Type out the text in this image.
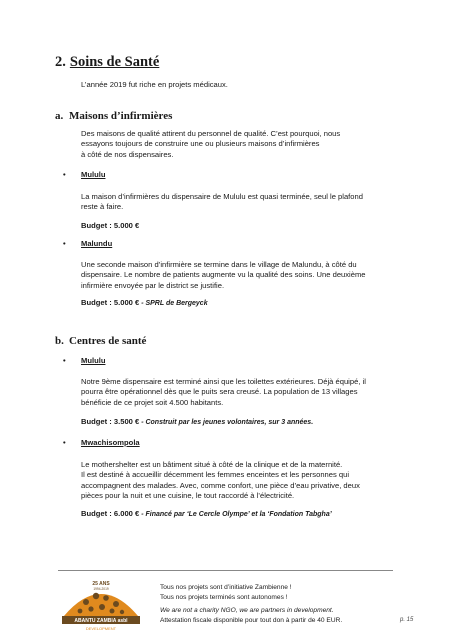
2. Soins de Santé
L’année 2019 fut riche en projets médicaux.
a. Maisons d’infirmières
Des maisons de qualité attirent du personnel de qualité. C’est pourquoi, nous
essayons toujours de construire une ou plusieurs maisons d’infirmières
à côté de nos dispensaires.
• Mululu
La maison d’infirmières du dispensaire de Mululu est quasi terminée, seul le plafond
reste à faire.
Budget : 5.000 €
• Malundu
Une seconde maison d’infirmière se termine dans le village de Malundu, à côté du
dispensaire. Le nombre de patients augmente vu la qualité des soins. Une deuxième
infirmière envoyée par le district se justifie.
Budget : 5.000 € - SPRL de Bergeyck
b. Centres de santé
• Mululu
Notre 9ème dispensaire est terminé ainsi que les toilettes extérieures. Déjà équipé, il
pourra être opérationnel dès que le puits sera creusé. La population de 13 villages
bénéficie de ce projet soit 4.500 habitants.
Budget : 3.500 € - Construit par les jeunes volontaires, sur 3 années.
• Mwachisompola
Le mothershelter est un bâtiment situé à côté de la clinique et de la maternité.
Il est destiné à accueillir décemment les femmes enceintes et les personnes qui
accompagnent des malades. Avec, comme confort, une pièce d’eau privative, deux
pièces pour la nuit et une cuisine, le tout raccordé à l’électricité.
Budget : 6.000 € - Financé par ‘Le Cercle Olympe’ et la ‘Fondation Tabgha’
25 ANS
1994-2019
ABANTU ZAMBIA asbl
DEVELOPMENT
Tous nos projets sont d’initiative Zambienne !
Tous nos projets terminés sont autonomes !
We are not a charity NGO, we are partners in development.
Attestation fiscale disponible pour tout don à partir de 40 EUR.	p. 15
